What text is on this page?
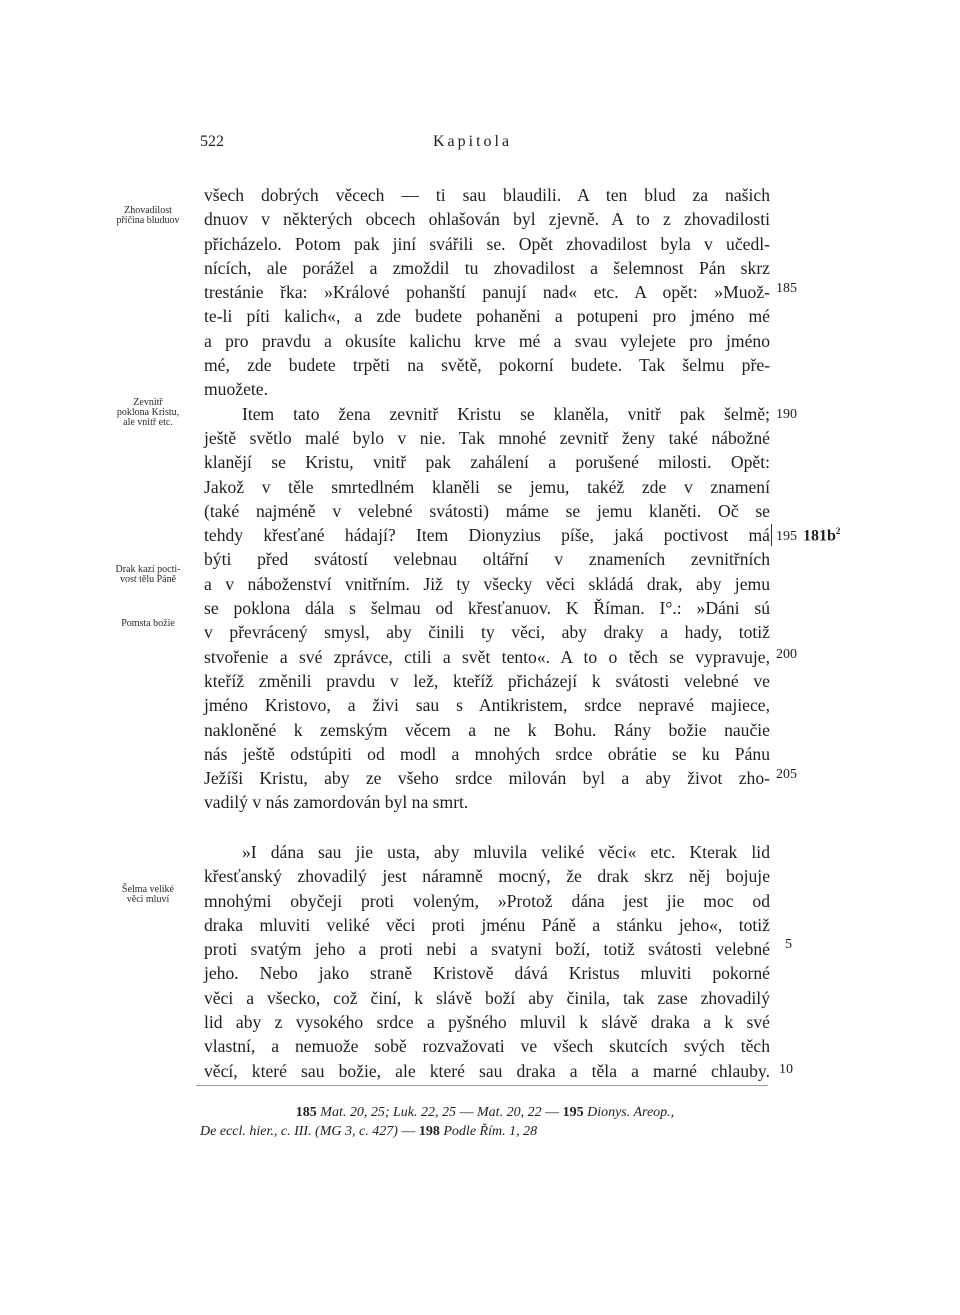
522	Kapitola
všech dobrých věcech — ti sau blaudili. A ten blud za našich
dnuov v některých obcech ohlašován byl zjevně. A to z zhovadilosti
přicházelo. Potom pak jiní svářili se. Opět zhovadilost byla v učedl-
nících, ale porážel a zmoždil tu zhovadilost a šelemnost Pán skrz
trestánie řka: »Králové pohanští panují nad« etc. A opět: »Muož-
te-li píti kalich«, a zde budete pohaněni a potupeni pro jméno mé
a pro pravdu a okusíte kalichu krve mé a svau vylejete pro jméno
mé, zde budete trpěti na světě, pokorní budete. Tak šelmu pře-
muožete.
Item tato žena zevnitř Kristu se klaněla, vnitř pak šelmě;
ještě světlo malé bylo v nie. Tak mnohé zevnitř ženy také nábožné
klanějí se Kristu, vnitř pak zahálení a porušené milosti. Opět:
Jakož v těle smrtedlném klaněli se jemu, takéž zde v znamení
(také najméně v velebné svátosti) máme se jemu klaněti. Oč se
tehdy křesťané hádají? Item Dionyzius píše, jaká poctivost má
býti před svátostí velebnau oltářní v znameních zevnitřních
a v náboženství vnitřním. Již ty všecky věci skládá drak, aby jemu
se poklona dála s šelmau od křesťanuov. K Říman. I°.: »Dáni sú
v převrácený smysl, aby činili ty věci, aby draky a hady, totiž
stvořenie a své zprávce, ctili a svět tento«. A to o těch se vypravuje,
kteříž změnili pravdu v lež, kteříž přicházejí k svátosti velebné ve
jméno Kristovo, a živi sau s Antikristem, srdce nepravé majiece,
nakloněné k zemským věcem a ne k Bohu. Rány božie naučie
nás ještě odstúpiti od modl a mnohých srdce obrátie se ku Pánu
Ježíši Kristu, aby ze všeho srdce milován byl a aby život zho-
vadilý v nás zamordován byl na smrt.
»I dána sau jie usta, aby mluvila veliké věci« etc. Kterak lid
křesťanský zhovadilý jest náramně mocný, že drak skrz něj bojuje
mnohými obyčeji proti voleným, »Protož dána jest jie moc od
draka mluviti veliké věci proti jménu Páně a stánku jeho«, totiž
proti svatým jeho a proti nebi a svatyni boží, totiž svátosti velebné
jeho. Nebo jako straně Kristově dává Kristus mluviti pokorné
věci a všecko, což činí, k slávě boží aby činila, tak zase zhovadilý
lid aby z vysokého srdce a pyšného mluvil k slávě draka a k své
vlastní, a nemuože sobě rozvažovati ve všech skutcích svých těch
věcí, které sau božie, ale které sau draka a těla a marné chlauby.
Zhovadilost
příčina bluduov
Zevnitř
poklona Kristu,
ale vnitř etc.
Drak kazí pocti-
vost tělu Páně
Pomsta božie
Šelma veliké
věci mluví
185
190
195
200
205
5
10
$181b^2$
185 Mat. 20, 25; Luk. 22, 25 — Mat. 20, 22 — 195 Dionys. Areop.,
De eccl. hier., c. III. (MG 3, c. 427) — 198 Podle Řím. 1, 28
